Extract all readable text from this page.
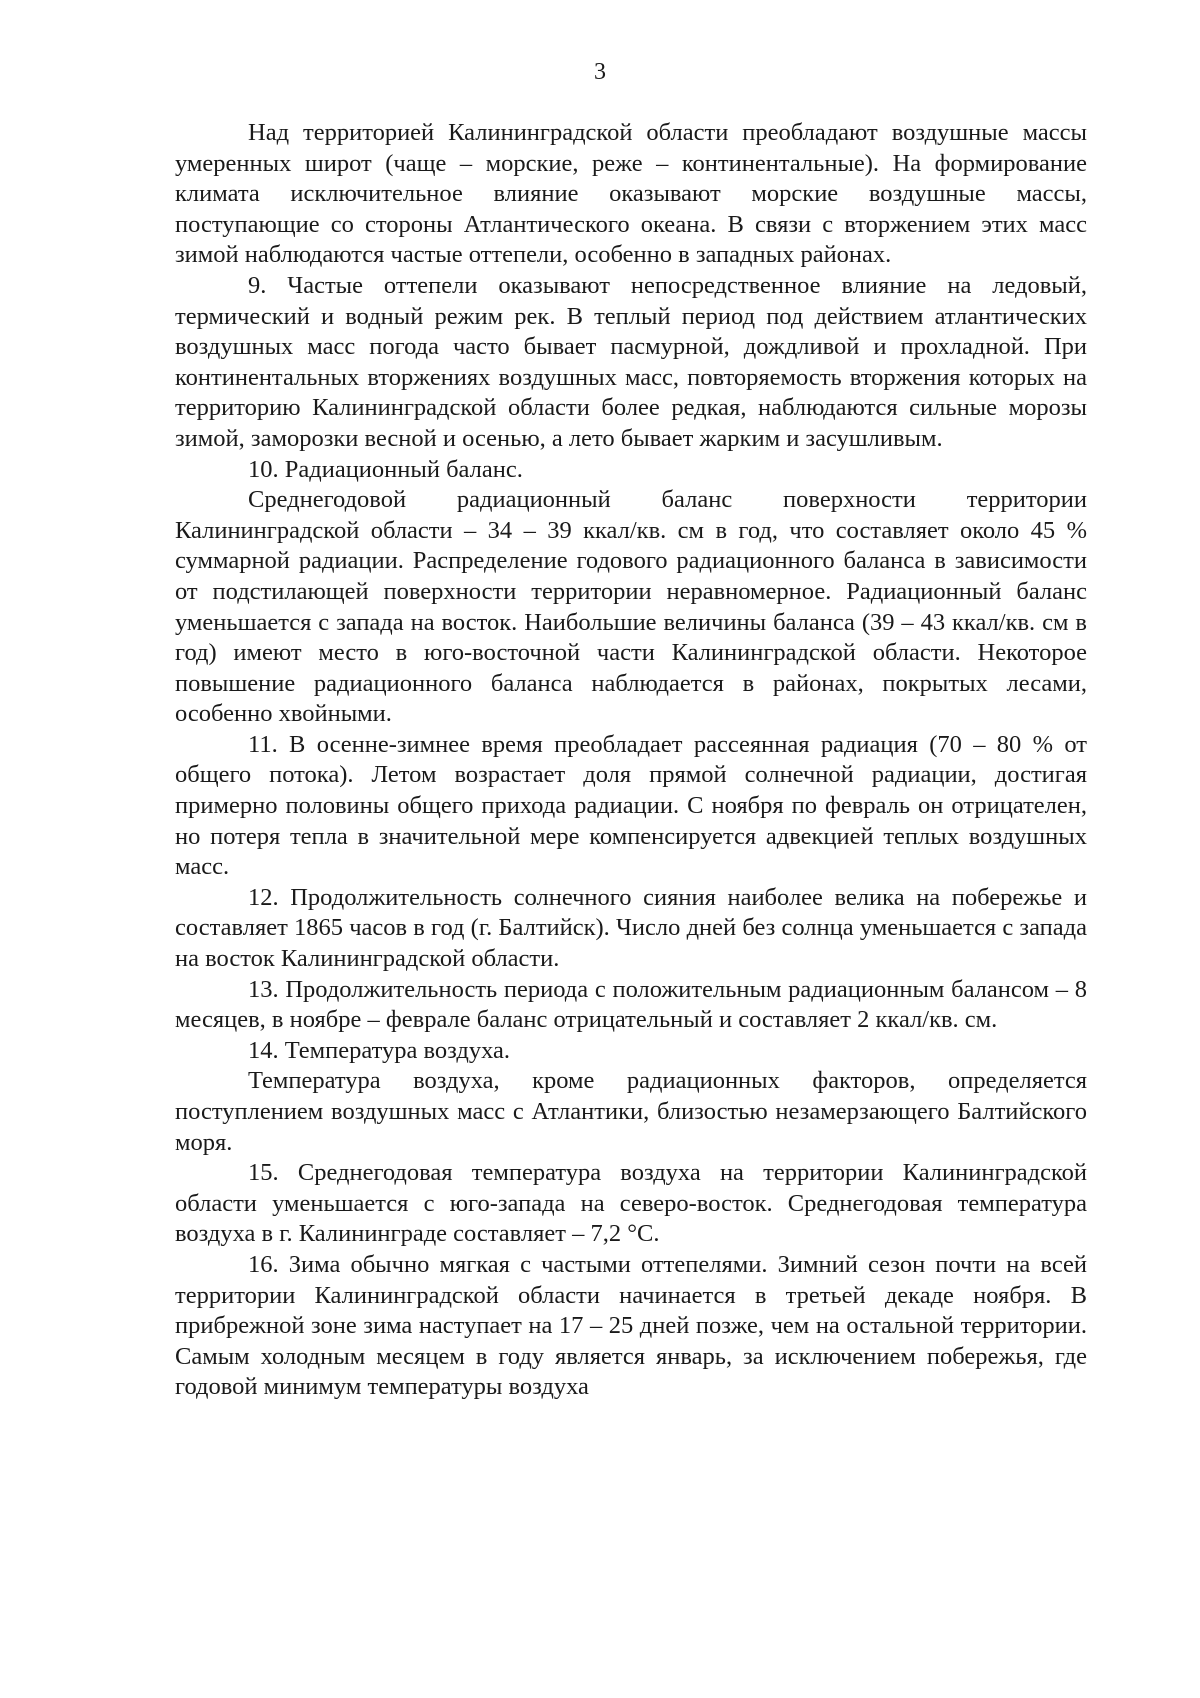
3

Над территорией Калининградской области преобладают воздушные массы умеренных широт (чаще – морские, реже – континентальные). На формирование климата исключительное влияние оказывают морские воздушные массы, поступающие со стороны Атлантического океана. В связи с вторжением этих масс зимой наблюдаются частые оттепели, особенно в западных районах.

9. Частые оттепели оказывают непосредственное влияние на ледовый, термический и водный режим рек. В теплый период под действием атлантических воздушных масс погода часто бывает пасмурной, дождливой и прохладной. При континентальных вторжениях воздушных масс, повторяемость вторжения которых на территорию Калининградской области более редкая, наблюдаются сильные морозы зимой, заморозки весной и осенью, а лето бывает жарким и засушливым.

10. Радиационный баланс.

Среднегодовой радиационный баланс поверхности территории Калининградской области – 34 – 39 ккал/кв. см в год, что составляет около 45 % суммарной радиации. Распределение годового радиационного баланса в зависимости от подстилающей поверхности территории неравномерное. Радиационный баланс уменьшается с запада на восток. Наибольшие величины баланса (39 – 43 ккал/кв. см в год) имеют место в юго-восточной части Калининградской области. Некоторое повышение радиационного баланса наблюдается в районах, покрытых лесами, особенно хвойными.

11. В осенне-зимнее время преобладает рассеянная радиация (70 – 80 % от общего потока). Летом возрастает доля прямой солнечной радиации, достигая примерно половины общего прихода радиации. С ноября по февраль он отрицателен, но потеря тепла в значительной мере компенсируется адвекцией теплых воздушных масс.

12. Продолжительность солнечного сияния наиболее велика на побережье и составляет 1865 часов в год (г. Балтийск). Число дней без солнца уменьшается с запада на восток Калининградской области.

13. Продолжительность периода с положительным радиационным балансом – 8 месяцев, в ноябре – феврале баланс отрицательный и составляет 2 ккал/кв. см.

14. Температура воздуха.

Температура воздуха, кроме радиационных факторов, определяется поступлением воздушных масс с Атлантики, близостью незамерзающего Балтийского моря.

15. Среднегодовая температура воздуха на территории Калининградской области уменьшается с юго-запада на северо-восток. Среднегодовая температура воздуха в г. Калининграде составляет – 7,2 °С.

16. Зима обычно мягкая с частыми оттепелями. Зимний сезон почти на всей территории Калининградской области начинается в третьей декаде ноября. В прибрежной зоне зима наступает на 17 – 25 дней позже, чем на остальной территории. Самым холодным месяцем в году является январь, за исключением побережья, где годовой минимум температуры воздуха
